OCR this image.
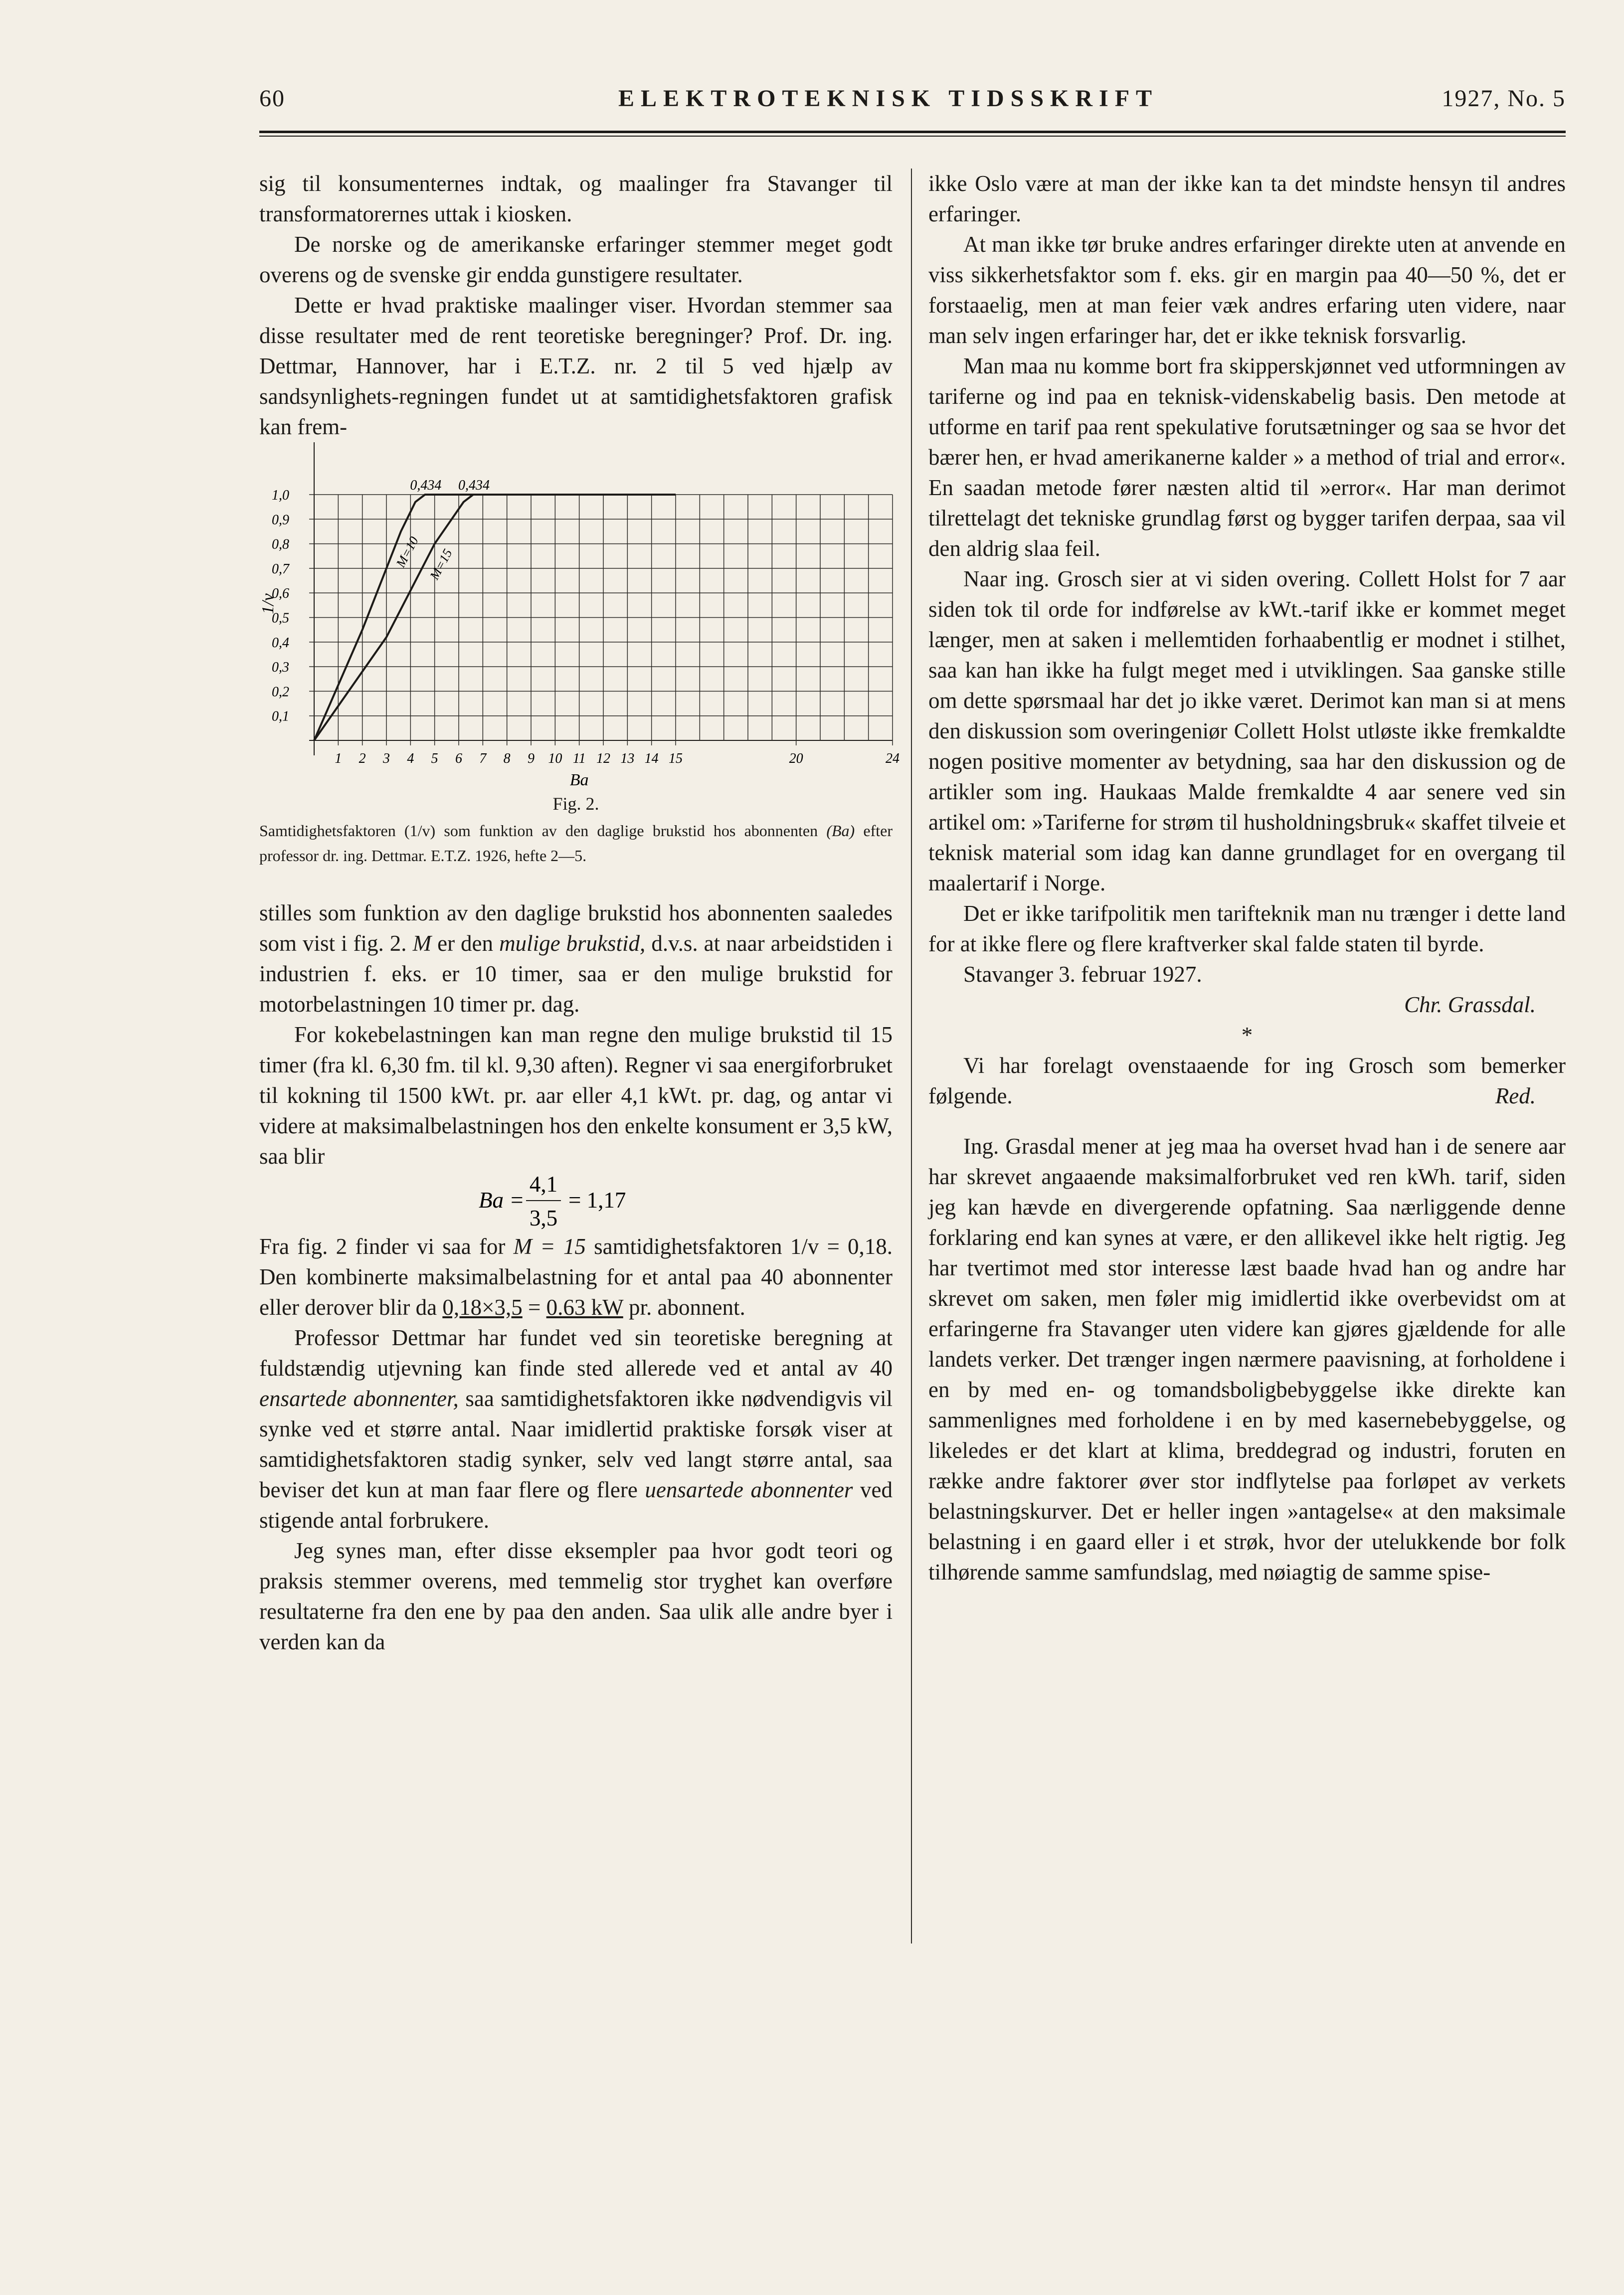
60	ELEKTROTEKNISK TIDSSKRIFT	1927, No. 5

sig til konsumenternes indtak, og maalinger fra Stavanger til transformatorernes uttak i kiosken.

De norske og de amerikanske erfaringer stemmer meget godt overens og de svenske gir endda gunstigere resultater.

Dette er hvad praktiske maalinger viser. Hvordan stemmer saa disse resultater med de rent teoretiske beregninger? Prof. Dr. ing. Dettmar, Hannover, har i E.T.Z. nr. 2 til 5 ved hjælp av sandsynlighets-regningen fundet ut at samtidighetsfaktoren grafisk kan frem-

0,1
0,2
0,3
0,4
0,5
0,6
0,7
0,8
0,9
1,0
1 2 3 4 5 6 7 8 9 10 11 12 13 14 15	20	24
Ba
1/v
M=10 M=15
0,434 0,434
Fig. 2.
Samtidighetsfaktoren (1/v) som funktion av den daglige brukstid hos abonnenten (Ba) efter professor dr. ing. Dettmar. E.T.Z. 1926, hefte 2—5.

stilles som funktion av den daglige brukstid hos abonnenten saaledes som vist i fig. 2. M er den mulige brukstid, d.v.s. at naar arbeidstiden i industrien f. eks. er 10 timer, saa er den mulige brukstid for motorbelastningen 10 timer pr. dag.

For kokebelastningen kan man regne den mulige brukstid til 15 timer (fra kl. 6,30 fm. til kl. 9,30 aften). Regner vi saa energiforbruket til kokning til 1500 kWt. pr. aar eller 4,1 kWt. pr. dag, og antar vi videre at maksimalbelastningen hos den enkelte konsument er 3,5 kW, saa blir

Ba =
4,1
3,5
= 1,17

Fra fig. 2 finder vi saa for M = 15 samtidighetsfaktoren 1/v = 0,18. Den kombinerte maksimalbelastning for et antal paa 40 abonnenter eller derover blir da 0,18×3,5 = 0.63 kW pr. abonnent.

Professor Dettmar har fundet ved sin teoretiske beregning at fuldstændig utjevning kan finde sted allerede ved et antal av 40 ensartede abonnenter, saa samtidighetsfaktoren ikke nødvendigvis vil synke ved et større antal. Naar imidlertid praktiske forsøk viser at samtidighetsfaktoren stadig synker, selv ved langt større antal, saa beviser det kun at man faar flere og flere uensartede abonnenter ved stigende antal forbrukere.

Jeg synes man, efter disse eksempler paa hvor godt teori og praksis stemmer overens, med temmelig stor tryghet kan overføre resultaterne fra den ene by paa den anden. Saa ulik alle andre byer i verden kan da

ikke Oslo være at man der ikke kan ta det mindste hensyn til andres erfaringer.

At man ikke tør bruke andres erfaringer direkte uten at anvende en viss sikkerhetsfaktor som f. eks. gir en margin paa 40—50 %, det er forstaaelig, men at man feier væk andres erfaring uten videre, naar man selv ingen erfaringer har, det er ikke teknisk forsvarlig.

Man maa nu komme bort fra skipperskjønnet ved utformningen av tariferne og ind paa en teknisk-videnskabelig basis. Den metode at utforme en tarif paa rent spekulative forutsætninger og saa se hvor det bærer hen, er hvad amerikanerne kalder » a method of trial and error«. En saadan metode fører næsten altid til »error«. Har man derimot tilrettelagt det tekniske grundlag først og bygger tarifen derpaa, saa vil den aldrig slaa feil.

Naar ing. Grosch sier at vi siden overing. Collett Holst for 7 aar siden tok til orde for indførelse av kWt.-tarif ikke er kommet meget længer, men at saken i mellemtiden forhaabentlig er modnet i stilhet, saa kan han ikke ha fulgt meget med i utviklingen. Saa ganske stille om dette spørsmaal har det jo ikke været. Derimot kan man si at mens den diskussion som overingeniør Collett Holst utløste ikke fremkaldte nogen positive momenter av betydning, saa har den diskussion og de artikler som ing. Haukaas Malde fremkaldte 4 aar senere ved sin artikel om: »Tariferne for strøm til husholdningsbruk« skaffet tilveie et teknisk material som idag kan danne grundlaget for en overgang til maalertarif i Norge.

Det er ikke tarifpolitik men tarifteknik man nu trænger i dette land for at ikke flere og flere kraftverker skal falde staten til byrde.

Stavanger 3. februar 1927.

Chr. Grassdal.

*

Vi har forelagt ovenstaaende for ing Grosch som bemerker følgende.	Red.

Ing. Grasdal mener at jeg maa ha overset hvad han i de senere aar har skrevet angaaende maksimalforbruket ved ren kWh. tarif, siden jeg kan hævde en divergerende opfatning. Saa nærliggende denne forklaring end kan synes at være, er den allikevel ikke helt rigtig. Jeg har tvertimot med stor interesse læst baade hvad han og andre har skrevet om saken, men føler mig imidlertid ikke overbevidst om at erfaringerne fra Stavanger uten videre kan gjøres gjældende for alle landets verker. Det trænger ingen nærmere paavisning, at forholdene i en by med en- og tomandsboligbebyggelse ikke direkte kan sammenlignes med forholdene i en by med kasernebebyggelse, og likeledes er det klart at klima, breddegrad og industri, foruten en række andre faktorer øver stor indflytelse paa forløpet av verkets belastningskurver. Det er heller ingen »antagelse« at den maksimale belastning i en gaard eller i et strøk, hvor der utelukkende bor folk tilhørende samme samfundslag, med nøiagtig de samme spise-
